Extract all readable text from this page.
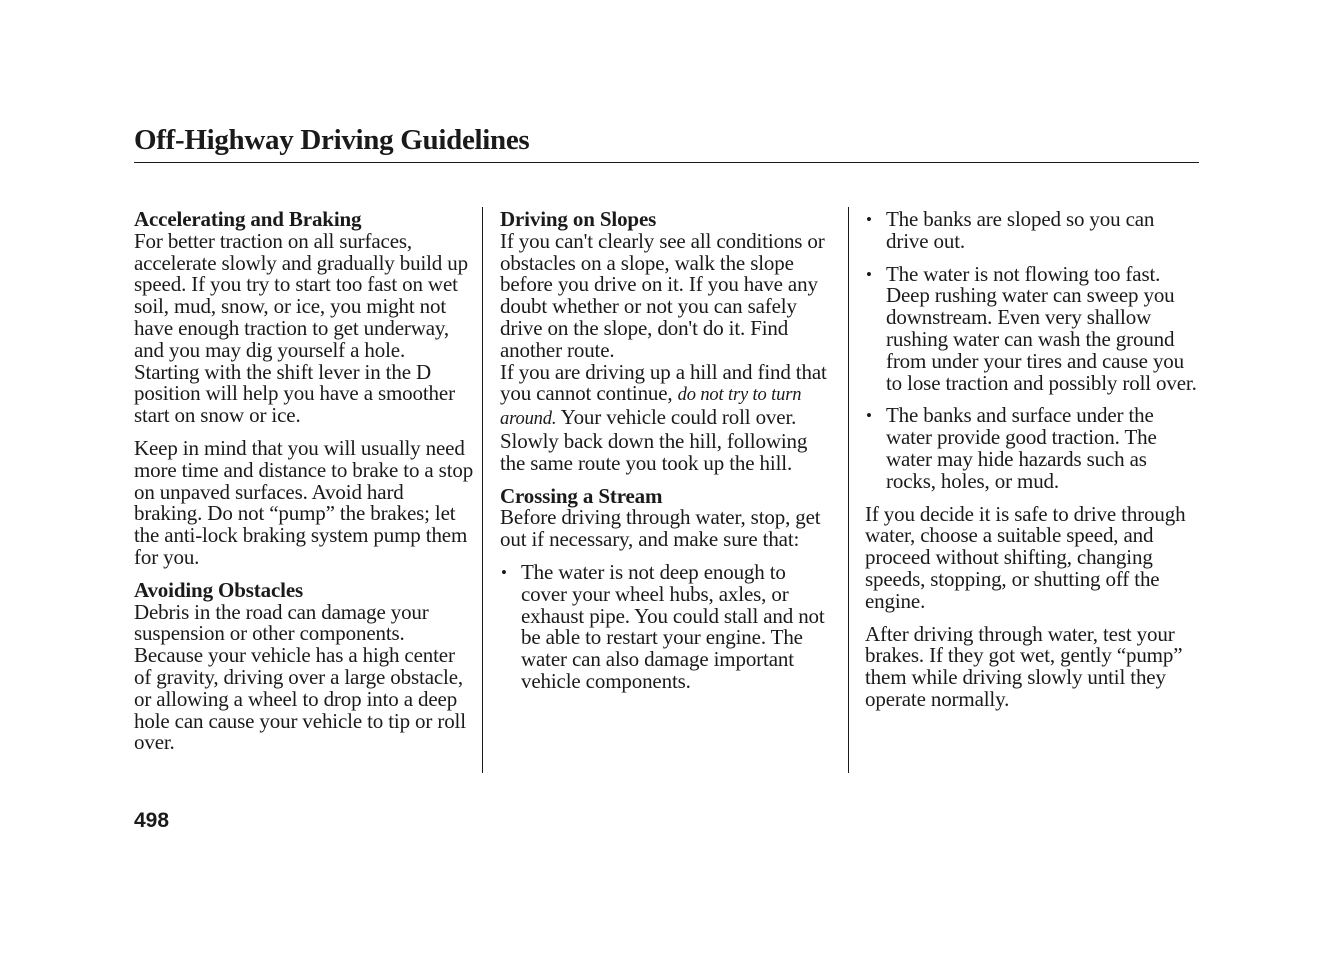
Off-Highway Driving Guidelines

Accelerating and Braking

For better traction on all surfaces, accelerate slowly and gradually build up speed. If you try to start too fast on wet soil, mud, snow, or ice, you might not have enough traction to get underway, and you may dig yourself a hole. Starting with the shift lever in the D position will help you have a smoother start on snow or ice.

Keep in mind that you will usually need more time and distance to brake to a stop on unpaved surfaces. Avoid hard braking. Do not “pump” the brakes; let the anti-lock braking system pump them for you.

Avoiding Obstacles

Debris in the road can damage your suspension or other components. Because your vehicle has a high center of gravity, driving over a large obstacle, or allowing a wheel to drop into a deep hole can cause your vehicle to tip or roll over.

Driving on Slopes

If you can't clearly see all conditions or obstacles on a slope, walk the slope before you drive on it. If you have any doubt whether or not you can safely drive on the slope, don't do it. Find another route.

If you are driving up a hill and find that you cannot continue, do not try to turn around. Your vehicle could roll over. Slowly back down the hill, following the same route you took up the hill.

Crossing a Stream

Before driving through water, stop, get out if necessary, and make sure that:

• The water is not deep enough to cover your wheel hubs, axles, or exhaust pipe. You could stall and not be able to restart your engine. The water can also damage important vehicle components.
• The banks are sloped so you can drive out.
• The water is not flowing too fast. Deep rushing water can sweep you downstream. Even very shallow rushing water can wash the ground from under your tires and cause you to lose traction and possibly roll over.
• The banks and surface under the water provide good traction. The water may hide hazards such as rocks, holes, or mud.

If you decide it is safe to drive through water, choose a suitable speed, and proceed without shifting, changing speeds, stopping, or shutting off the engine.

After driving through water, test your brakes. If they got wet, gently “pump” them while driving slowly until they operate normally.

498
